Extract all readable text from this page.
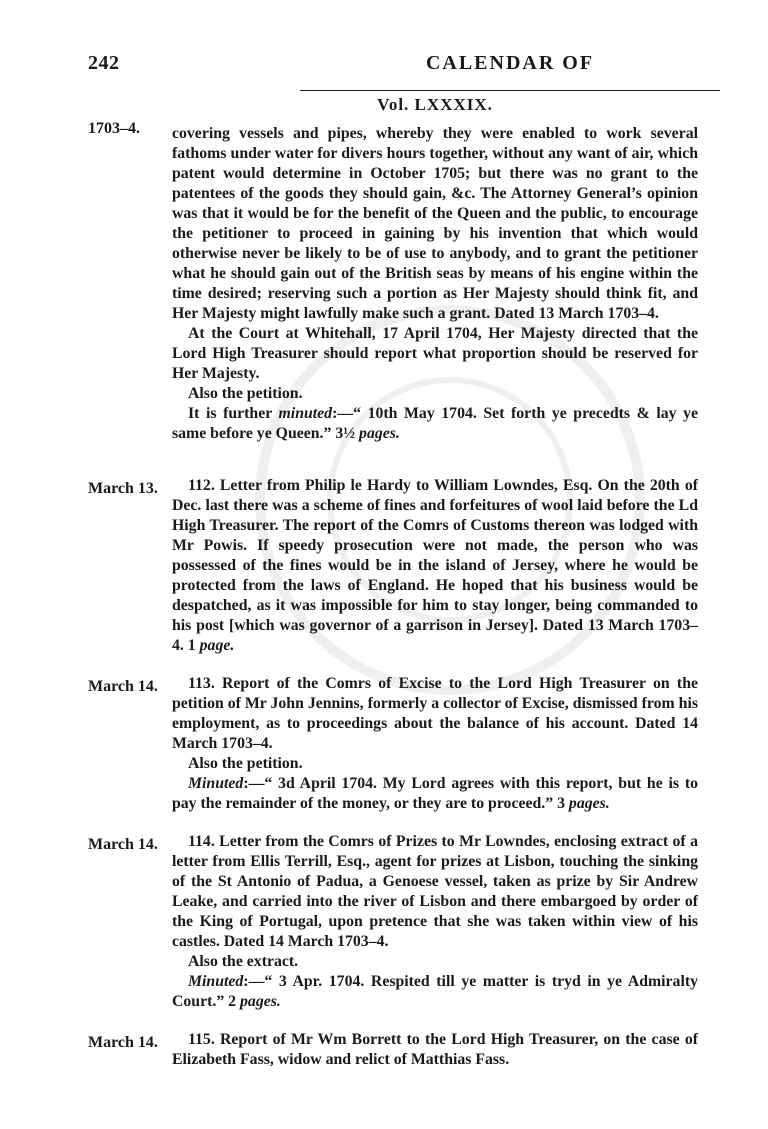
242	CALENDAR OF
Vol. LXXXIX.
1703–4.
March 13.
March 14.
March 14.
March 14.

covering vessels and pipes, whereby they were enabled to work several fathoms under water for divers hours together, without any want of air, which patent would determine in October 1705; but there was no grant to the patentees of the goods they should gain, &c. The Attorney General’s opinion was that it would be for the benefit of the Queen and the public, to encourage the petitioner to proceed in gaining by his invention that which would otherwise never be likely to be of use to anybody, and to grant the petitioner what he should gain out of the British seas by means of his engine within the time desired; reserving such a portion as Her Majesty should think fit, and Her Majesty might lawfully make such a grant. Dated 13 March 1703–4.

At the Court at Whitehall, 17 April 1704, Her Majesty directed that the Lord High Treasurer should report what proportion should be reserved for Her Majesty.

Also the petition.

It is further minuted:—“ 10th May 1704. Set forth ye precedts & lay ye same before ye Queen.” 3½ pages.

112. Letter from Philip le Hardy to William Lowndes, Esq. On the 20th of Dec. last there was a scheme of fines and forfeitures of wool laid before the Ld High Treasurer. The report of the Comrs of Customs thereon was lodged with Mr Powis. If speedy prosecution were not made, the person who was possessed of the fines would be in the island of Jersey, where he would be protected from the laws of England. He hoped that his business would be despatched, as it was impossible for him to stay longer, being commanded to his post [which was governor of a garrison in Jersey]. Dated 13 March 1703–4. 1 page.

113. Report of the Comrs of Excise to the Lord High Treasurer on the petition of Mr John Jennins, formerly a collector of Excise, dismissed from his employment, as to proceedings about the balance of his account. Dated 14 March 1703–4.

Also the petition.

Minuted:—“ 3d April 1704. My Lord agrees with this report, but he is to pay the remainder of the money, or they are to proceed.” 3 pages.

114. Letter from the Comrs of Prizes to Mr Lowndes, enclosing extract of a letter from Ellis Terrill, Esq., agent for prizes at Lisbon, touching the sinking of the St Antonio of Padua, a Genoese vessel, taken as prize by Sir Andrew Leake, and carried into the river of Lisbon and there embargoed by order of the King of Portugal, upon pretence that she was taken within view of his castles. Dated 14 March 1703–4.

Also the extract.

Minuted:—“ 3 Apr. 1704. Respited till ye matter is tryd in ye Admiralty Court.” 2 pages.

115. Report of Mr Wm Borrett to the Lord High Treasurer, on the case of Elizabeth Fass, widow and relict of Matthias Fass.
